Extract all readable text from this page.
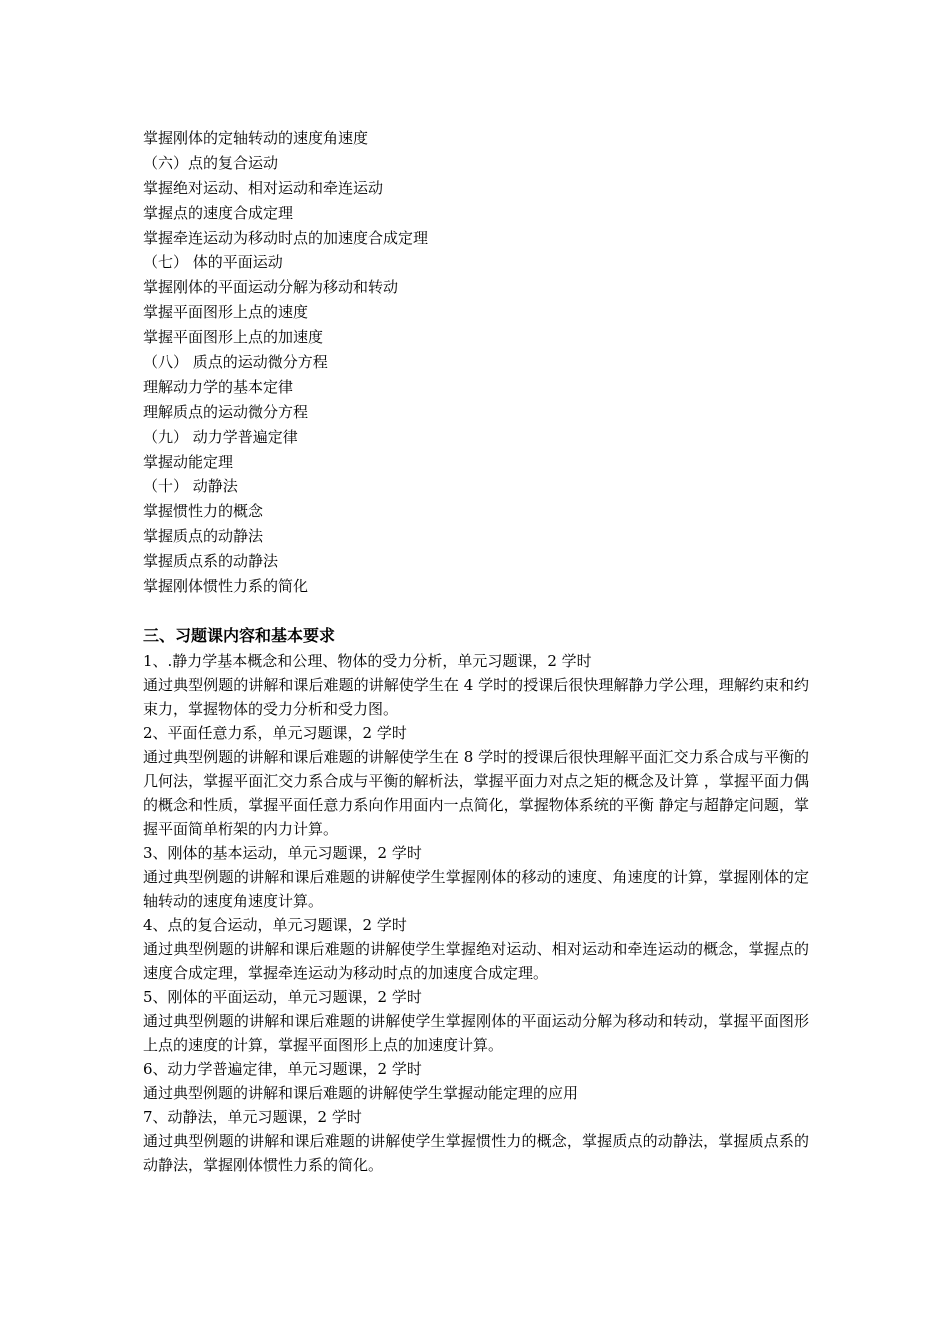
掌握刚体的定轴转动的速度角速度
（六）点的复合运动
掌握绝对运动、相对运动和牵连运动
掌握点的速度合成定理
掌握牵连运动为移动时点的加速度合成定理
（七） 体的平面运动
掌握刚体的平面运动分解为移动和转动
掌握平面图形上点的速度
掌握平面图形上点的加速度
（八） 质点的运动微分方程
理解动力学的基本定律
理解质点的运动微分方程
（九） 动力学普遍定律
掌握动能定理
（十） 动静法
掌握惯性力的概念
掌握质点的动静法
掌握质点系的动静法
掌握刚体惯性力系的简化
三、习题课内容和基本要求
1、.静力学基本概念和公理、物体的受力分析，单元习题课，2 学时
通过典型例题的讲解和课后难题的讲解使学生在 4 学时的授课后很快理解静力学公理，理解约束和约束力，掌握物体的受力分析和受力图。
2、平面任意力系，单元习题课，2 学时
通过典型例题的讲解和课后难题的讲解使学生在 8 学时的授课后很快理解平面汇交力系合成与平衡的几何法，掌握平面汇交力系合成与平衡的解析法，掌握平面力对点之矩的概念及计算 ，掌握平面力偶的概念和性质，掌握平面任意力系向作用面内一点简化，掌握物体系统的平衡 静定与超静定问题，掌握平面简单桁架的内力计算。
3、刚体的基本运动，单元习题课，2 学时
通过典型例题的讲解和课后难题的讲解使学生掌握刚体的移动的速度、角速度的计算，掌握刚体的定轴转动的速度角速度计算。
4、点的复合运动，单元习题课，2 学时
通过典型例题的讲解和课后难题的讲解使学生掌握绝对运动、相对运动和牵连运动的概念，掌握点的速度合成定理，掌握牵连运动为移动时点的加速度合成定理。
5、刚体的平面运动，单元习题课，2 学时
通过典型例题的讲解和课后难题的讲解使学生掌握刚体的平面运动分解为移动和转动，掌握平面图形上点的速度的计算，掌握平面图形上点的加速度计算。
6、动力学普遍定律，单元习题课，2 学时
通过典型例题的讲解和课后难题的讲解使学生掌握动能定理的应用
7、动静法，单元习题课，2 学时
通过典型例题的讲解和课后难题的讲解使学生掌握惯性力的概念，掌握质点的动静法，掌握质点系的动静法，掌握刚体惯性力系的简化。
